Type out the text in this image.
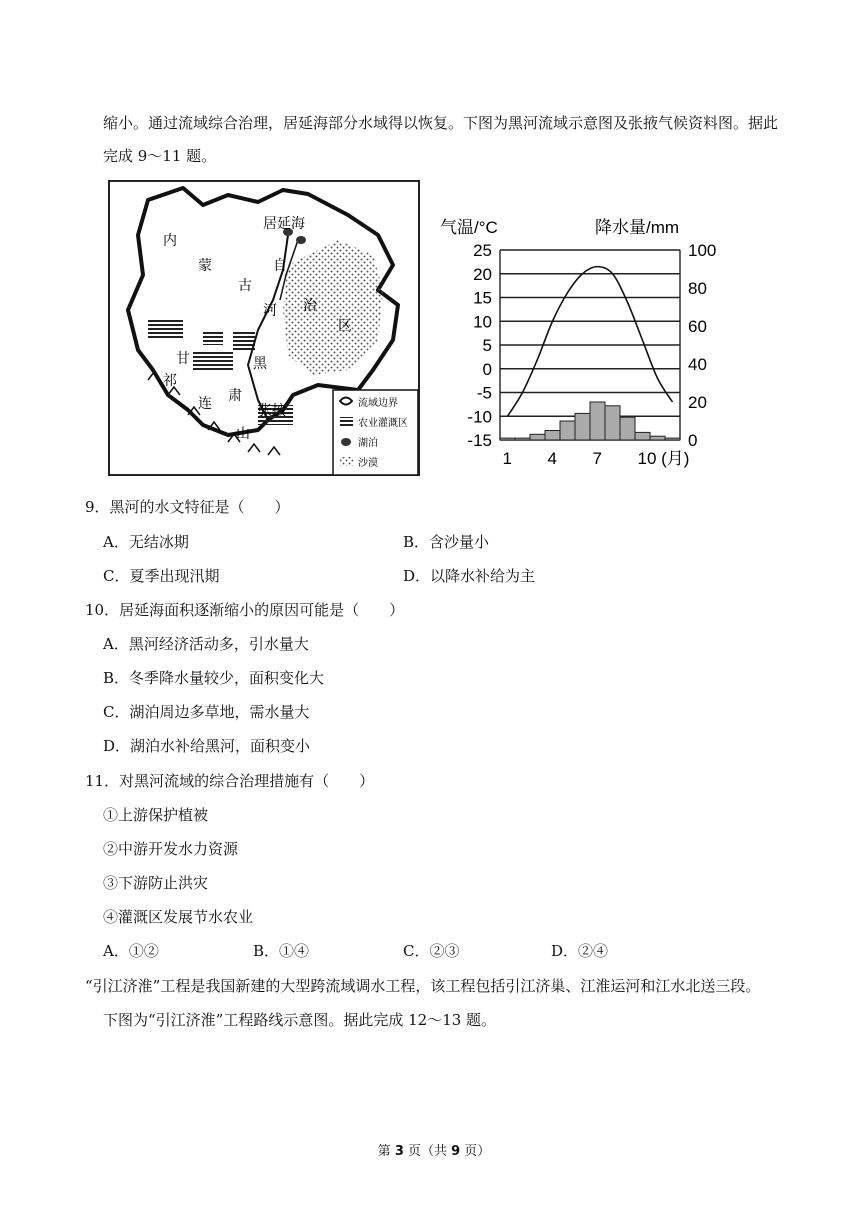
缩小。通过流域综合治理，居延海部分水域得以恢复。下图为黑河流域示意图及张掖气候资料图。据此
完成 9～11 题。
居延海
内
蒙
古
自
治
区
河
甘	黑
祁
肃
连
山
张掖	流域边界
农业灌溉区
湖泊
沙漠
气温/°C	降水量/mm
25
20
15
10
5
0
-5
-10
-15
100
80
60
40
20
0
1 4 7 10 (月)
9．黑河的水文特征是（　　）
A．无结冰期	B．含沙量小
C．夏季出现汛期	D．以降水补给为主
10．居延海面积逐渐缩小的原因可能是（　　）
A．黑河经济活动多，引水量大
B．冬季降水量较少，面积变化大
C．湖泊周边多草地，需水量大
D．湖泊水补给黑河，面积变小
11．对黑河流域的综合治理措施有（　　）
①上游保护植被
②中游开发水力资源
③下游防止洪灾
④灌溉区发展节水农业
A．①②	B．①④	C．②③	D．②④
“引江济淮”工程是我国新建的大型跨流域调水工程，该工程包括引江济巢、江淮运河和江水北送三段。
下图为“引江济淮”工程路线示意图。据此完成 12～13 题。
第 3 页（共 9 页）
